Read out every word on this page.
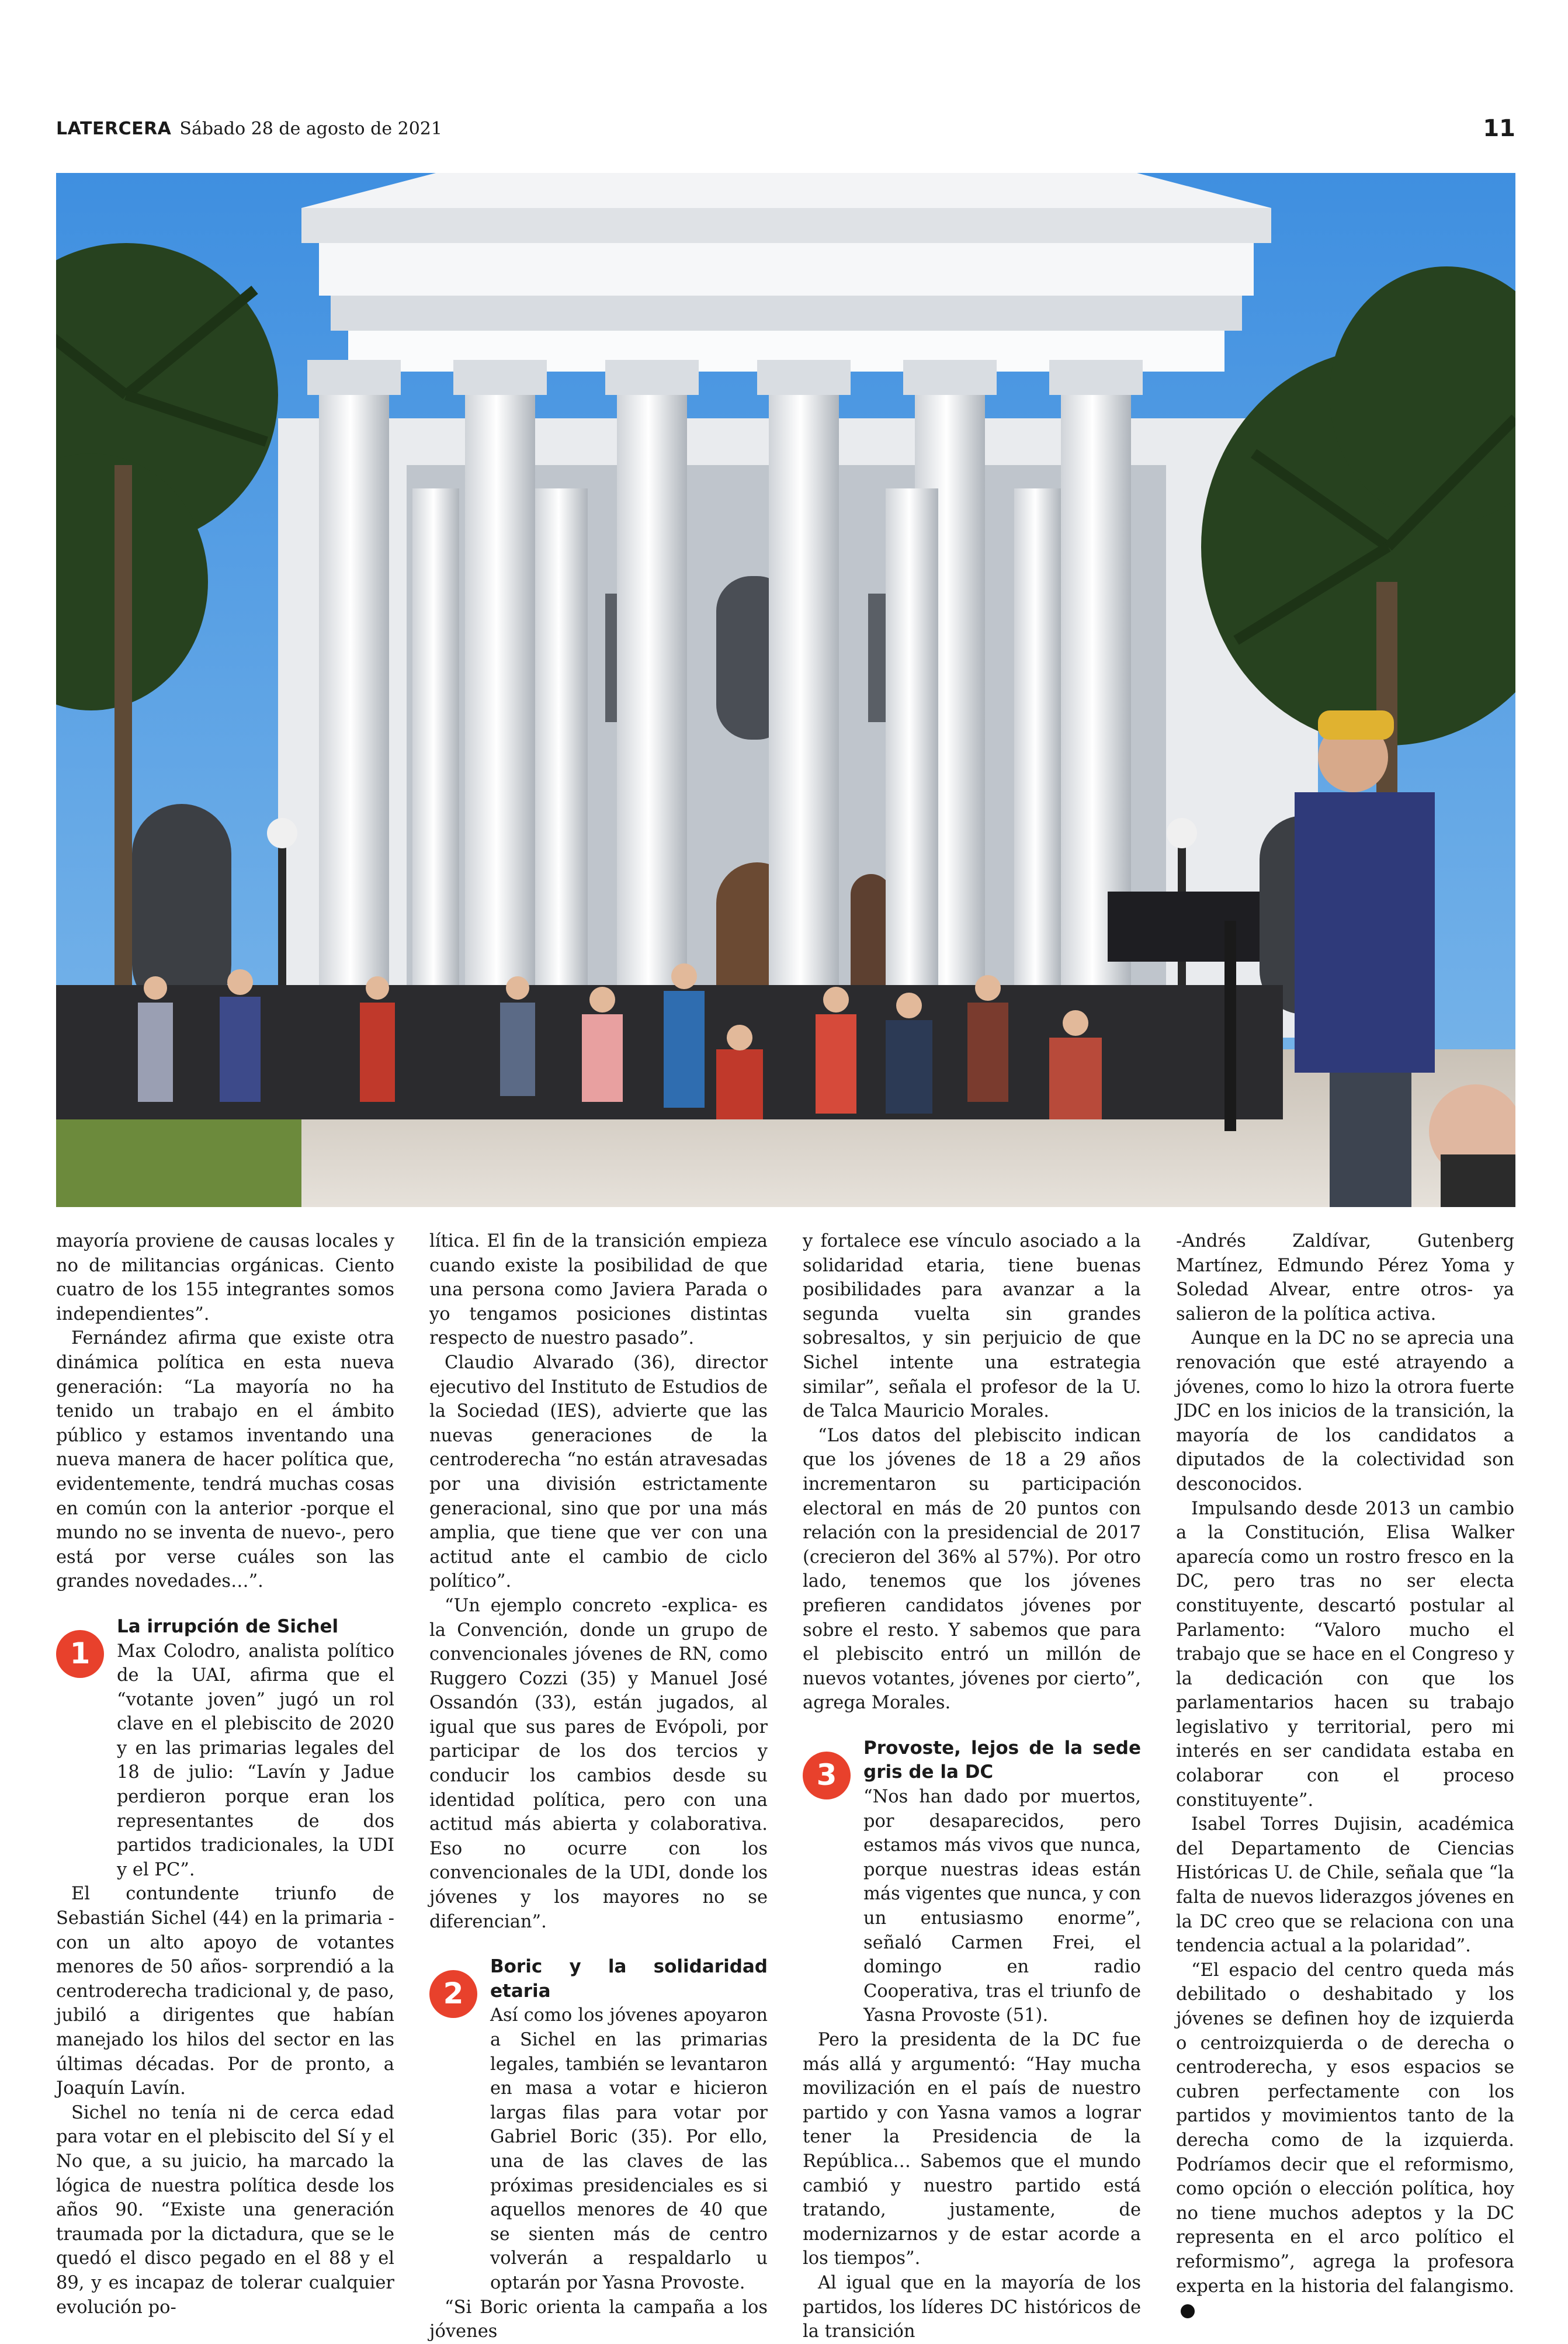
LATERCERA Sábado 28 de agosto de 2021	11

mayoría proviene de causas locales y no de militancias orgánicas. Ciento cuatro de los 155 integrantes somos independientes”.

Fernández afirma que existe otra dinámica política en esta nueva generación: “La mayoría no ha tenido un trabajo en el ámbito público y estamos inventando una nueva manera de hacer política que, evidentemente, tendrá muchas cosas en común con la anterior -porque el mundo no se inventa de nuevo-, pero está por verse cuáles son las grandes novedades…”.

1
La irrupción de Sichel

Max Colodro, analista político de la UAI, afirma que el “votante joven” jugó un rol clave en el plebiscito de 2020 y en las primarias legales del 18 de julio: “Lavín y Jadue perdieron porque eran los representantes de dos partidos tradicionales, la UDI y el PC”.

El contundente triunfo de Sebastián Sichel (44) en la primaria -con un alto apoyo de votantes menores de 50 años- sorprendió a la centroderecha tradicional y, de paso, jubiló a dirigentes que habían manejado los hilos del sector en las últimas décadas. Por de pronto, a Joaquín Lavín.

Sichel no tenía ni de cerca edad para votar en el plebiscito del Sí y el No que, a su juicio, ha marcado la lógica de nuestra política desde los años 90. “Existe una generación traumada por la dictadura, que se le quedó el disco pegado en el 88 y el 89, y es incapaz de tolerar cualquier evolución po-

lítica. El fin de la transición empieza cuando existe la posibilidad de que una persona como Javiera Parada o yo tengamos posiciones distintas respecto de nuestro pasado”.

Claudio Alvarado (36), director ejecutivo del Instituto de Estudios de la Sociedad (IES), advierte que las nuevas generaciones de la centroderecha “no están atravesadas por una división estrictamente generacional, sino que por una más amplia, que tiene que ver con una actitud ante el cambio de ciclo político”.

“Un ejemplo concreto -explica- es la Convención, donde un grupo de convencionales jóvenes de RN, como Ruggero Cozzi (35) y Manuel José Ossandón (33), están jugados, al igual que sus pares de Evópoli, por participar de los dos tercios y conducir los cambios desde su identidad política, pero con una actitud más abierta y colaborativa. Eso no ocurre con los convencionales de la UDI, donde los jóvenes y los mayores no se diferencian”.

2
Boric y la solidaridad etaria

Así como los jóvenes apoyaron a Sichel en las primarias legales, también se levantaron en masa a votar e hicieron largas filas para votar por Gabriel Boric (35). Por ello, una de las claves de las próximas presidenciales es si aquellos menores de 40 que se sienten más de centro volverán a respaldarlo u optarán por Yasna Provoste.

“Si Boric orienta la campaña a los jóvenes

y fortalece ese vínculo asociado a la solidaridad etaria, tiene buenas posibilidades para avanzar a la segunda vuelta sin grandes sobresaltos, y sin perjuicio de que Sichel intente una estrategia similar”, señala el profesor de la U. de Talca Mauricio Morales.

“Los datos del plebiscito indican que los jóvenes de 18 a 29 años incrementaron su participación electoral en más de 20 puntos con relación con la presidencial de 2017 (crecieron del 36% al 57%). Por otro lado, tenemos que los jóvenes prefieren candidatos jóvenes por sobre el resto. Y sabemos que para el plebiscito entró un millón de nuevos votantes, jóvenes por cierto”, agrega Morales.

3
Provoste, lejos de la sede gris de la DC

“Nos han dado por muertos, por desaparecidos, pero estamos más vivos que nunca, porque nuestras ideas están más vigentes que nunca, y con un entusiasmo enorme”, señaló Carmen Frei, el domingo en radio Cooperativa, tras el triunfo de Yasna Provoste (51).

Pero la presidenta de la DC fue más allá y argumentó: “Hay mucha movilización en el país de nuestro partido y con Yasna vamos a lograr tener la Presidencia de la República… Sabemos que el mundo cambió y nuestro partido está tratando, justamente, de modernizarnos y de estar acorde a los tiempos”.

Al igual que en la mayoría de los partidos, los líderes DC históricos de la transición

-Andrés Zaldívar, Gutenberg Martínez, Edmundo Pérez Yoma y Soledad Alvear, entre otros- ya salieron de la política activa.

Aunque en la DC no se aprecia una renovación que esté atrayendo a jóvenes, como lo hizo la otrora fuerte JDC en los inicios de la transición, la mayoría de los candidatos a diputados de la colectividad son desconocidos.

Impulsando desde 2013 un cambio a la Constitución, Elisa Walker aparecía como un rostro fresco en la DC, pero tras no ser electa constituyente, descartó postular al Parlamento: “Valoro mucho el trabajo que se hace en el Congreso y la dedicación con que los parlamentarios hacen su trabajo legislativo y territorial, pero mi interés en ser candidata estaba en colaborar con el proceso constituyente”.

Isabel Torres Dujisin, académica del Departamento de Ciencias Históricas U. de Chile, señala que “la falta de nuevos liderazgos jóvenes en la DC creo que se relaciona con una tendencia actual a la polaridad”.

“El espacio del centro queda más debilitado o deshabitado y los jóvenes se definen hoy de izquierda o centroizquierda o de derecha o centroderecha, y esos espacios se cubren perfectamente con los partidos y movimientos tanto de la derecha como de la izquierda. Podríamos decir que el reformismo, como opción o elección política, hoy no tiene muchos adeptos y la DC representa en el arco político el reformismo”, agrega la profesora experta en la historia del falangismo.
